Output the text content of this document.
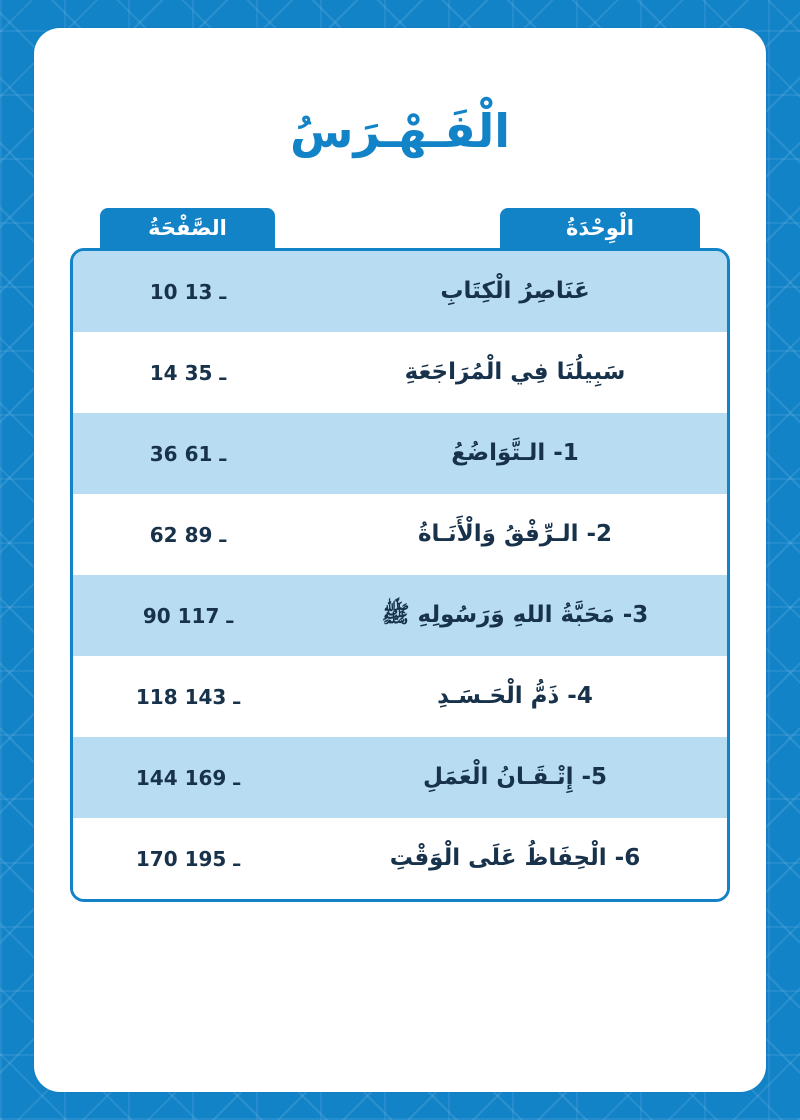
الْفَـهْـرَسُ
الْوِحْدَةُ
الصَّفْحَةُ
عَنَاصِرُ الْكِتَابِ
10 ـ 13
سَبِيلُنَا فِي الْمُرَاجَعَةِ
14 ـ 35
1- الـتَّوَاضُعُ
36 ـ 61
2- الـرِّفْقُ وَالْأَنَـاةُ
62 ـ 89
3- مَحَبَّةُ اللهِ وَرَسُولِهِ ﷺ
90 ـ 117
4- ذَمُّ الْحَـسَـدِ
118 ـ 143
5- إِتْـقَـانُ الْعَمَلِ
144 ـ 169
6- الْحِفَاظُ عَلَى الْوَقْتِ
170 ـ 195
